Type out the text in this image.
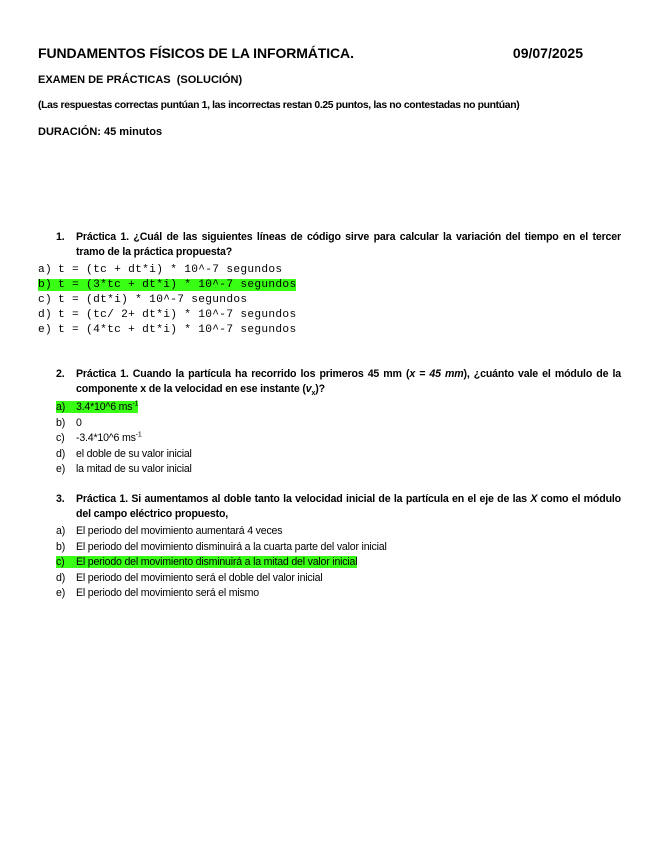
FUNDAMENTOS FÍSICOS DE LA INFORMÁTICA.	09/07/2025
EXAMEN DE PRÁCTICAS  (SOLUCIÓN)
(Las respuestas correctas puntúan 1, las incorrectas restan 0.25 puntos, las no contestadas no puntúan)
DURACIÓN: 45 minutos
1.	Práctica 1. ¿Cuál de las siguientes líneas de código sirve para calcular la variación del tiempo en el tercer tramo de la práctica propuesta?
a) t = (tc + dt*i) * 10^-7 segundos
b) t = (3*tc + dt*i) * 10^-7 segundos
c) t = (dt*i) * 10^-7 segundos
d) t = (tc/ 2+ dt*i) * 10^-7 segundos
e) t = (4*tc + dt*i) * 10^-7 segundos
2.	Práctica 1. Cuando la partícula ha recorrido los primeros 45 mm (x = 45 mm), ¿cuánto vale el módulo de la componente x de la velocidad en ese instante $(v_x)$?
a) 3.4*10^6 $ms^{-1}$
b) 0
c) -3.4*10^6 $ms^{-1}$
d) el doble de su valor inicial
e) la mitad de su valor inicial
3.	Práctica 1. Si aumentamos al doble tanto la velocidad inicial de la partícula en el eje de las X como el módulo del campo eléctrico propuesto,
a) El periodo del movimiento aumentará 4 veces
b) El periodo del movimiento disminuirá a la cuarta parte del valor inicial
c) El periodo del movimiento disminuirá a la mitad del valor inicial
d) El periodo del movimiento será el doble del valor inicial
e) El periodo del movimiento será el mismo
